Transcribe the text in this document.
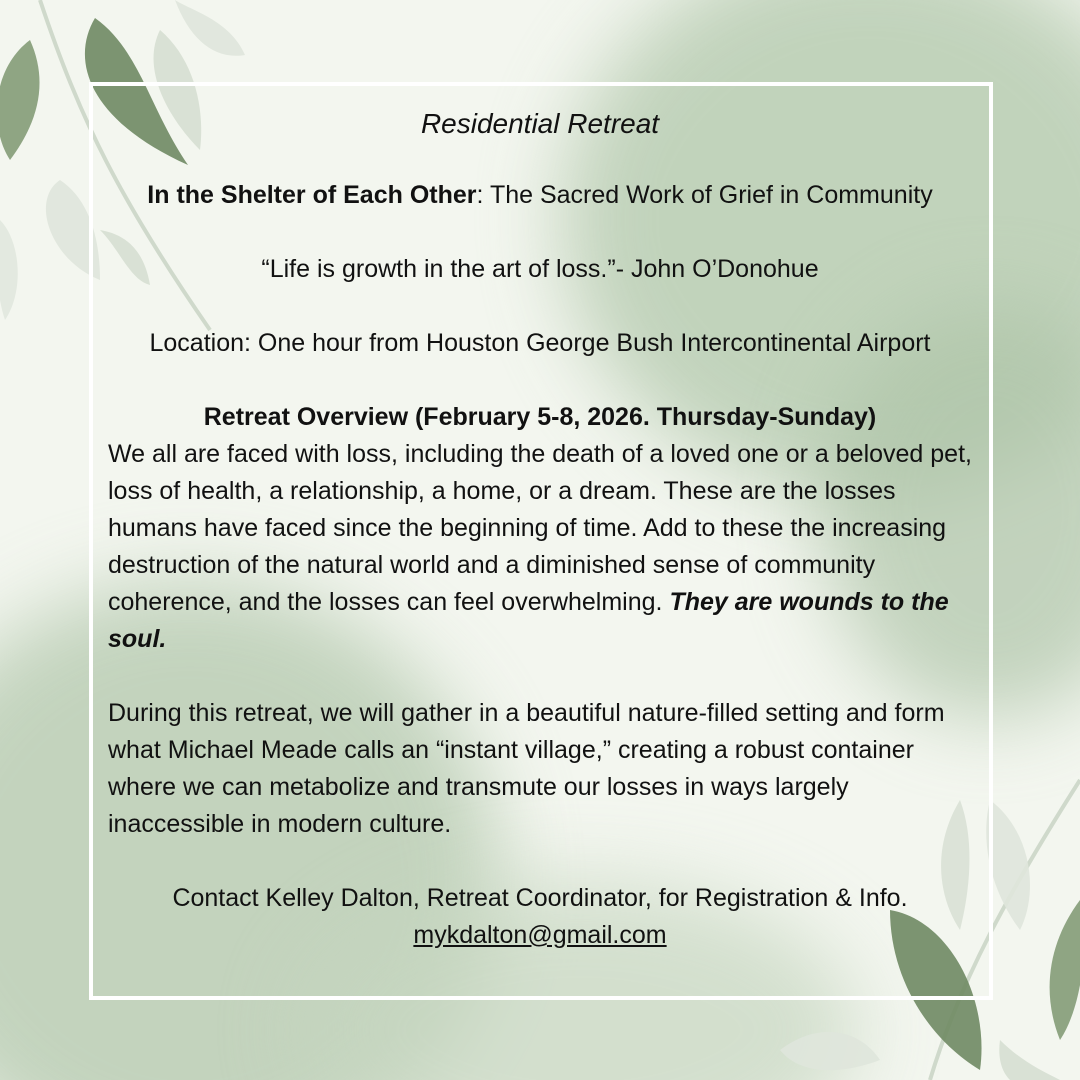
Residential Retreat
In the Shelter of Each Other: The Sacred Work of Grief in Community
“Life is growth in the art of loss.”- John O’Donohue
Location: One hour from Houston George Bush Intercontinental Airport
Retreat Overview (February 5-8, 2026. Thursday-Sunday)
We all are faced with loss, including the death of a loved one or a beloved pet, loss of health, a relationship, a home, or a dream. These are the losses humans have faced since the beginning of time. Add to these the increasing destruction of the natural world and a diminished sense of community coherence, and the losses can feel overwhelming. They are wounds to the soul.
During this retreat, we will gather in a beautiful nature-filled setting and form what Michael Meade calls an “instant village,” creating a robust container where we can metabolize and transmute our losses in ways largely inaccessible in modern culture.
Contact Kelley Dalton, Retreat Coordinator, for Registration & Info.
mykdalton@gmail.com
